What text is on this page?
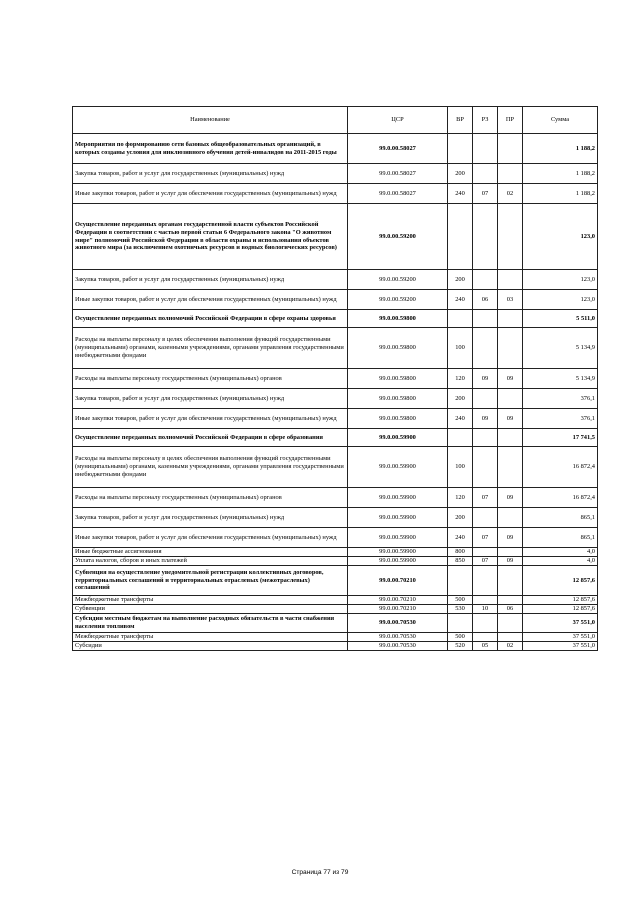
Наименование	ЦСР	ВР	РЗ	ПР	Сумма
Мероприятия по формированию сети базовых общеобразовательных организаций, в которых созданы условия для инклюзивного обучения детей-инвалидов на 2011-2015 годы	99.0.00.58027				1 188,2
Закупка товаров, работ и услуг для государственных (муниципальных) нужд	99.0.00.58027	200			1 188,2
Иные закупки товаров, работ и услуг для обеспечения государственных (муниципальных) нужд	99.0.00.58027	240	07	02	1 188,2
Осуществление переданных органам государственной власти субъектов Российской Федерации в соответствии с частью первой статьи 6 Федерального закона "О животном мире" полномочий Российской Федерации в области охраны и использования объектов животного мира (за исключением охотничьих ресурсов и водных биологических ресурсов)	99.0.00.59200				123,0
Закупка товаров, работ и услуг для государственных (муниципальных) нужд	99.0.00.59200	200			123,0
Иные закупки товаров, работ и услуг для обеспечения государственных (муниципальных) нужд	99.0.00.59200	240	06	03	123,0
Осуществление переданных полномочий Российской Федерации в сфере охраны здоровья	99.0.00.59800				5 511,0
Расходы на выплаты персоналу в целях обеспечения выполнения функций государственными (муниципальными) органами, казенными учреждениями, органами управления государственными внебюджетными фондами	99.0.00.59800	100			5 134,9
Расходы на выплаты персоналу государственных (муниципальных) органов	99.0.00.59800	120	09	09	5 134,9
Закупка товаров, работ и услуг для государственных (муниципальных) нужд	99.0.00.59800	200			376,1
Иные закупки товаров, работ и услуг для обеспечения государственных (муниципальных) нужд	99.0.00.59800	240	09	09	376,1
Осуществление переданных полномочий Российской Федерации в сфере образования	99.0.00.59900				17 741,5
Расходы на выплаты персоналу в целях обеспечения выполнения функций государственными (муниципальными) органами, казенными учреждениями, органами управления государственными внебюджетными фондами	99.0.00.59900	100			16 872,4
Расходы на выплаты персоналу государственных (муниципальных) органов	99.0.00.59900	120	07	09	16 872,4
Закупка товаров, работ и услуг для государственных (муниципальных) нужд	99.0.00.59900	200			865,1
Иные закупки товаров, работ и услуг для обеспечения государственных (муниципальных) нужд	99.0.00.59900	240	07	09	865,1
Иные бюджетные ассигнования	99.0.00.59900	800			4,0
Уплата налогов, сборов и иных платежей	99.0.00.59900	850	07	09	4,0
Субвенция на осуществление уведомительной регистрации коллективных договоров, территориальных соглашений и территориальных отраслевых (межотраслевых) соглашений	99.0.00.70210				12 857,6
Межбюджетные трансферты	99.0.00.70210	500			12 857,6
Субвенции	99.0.00.70210	530	10	06	12 857,6
Субсидии местным бюджетам на выполнение расходных обязательств в части снабжения населения топливом	99.0.00.70530				37 551,0
Межбюджетные трансферты	99.0.00.70530	500			37 551,0
Субсидии	99.0.00.70530	520	05	02	37 551,0
Страница 77 из 79
